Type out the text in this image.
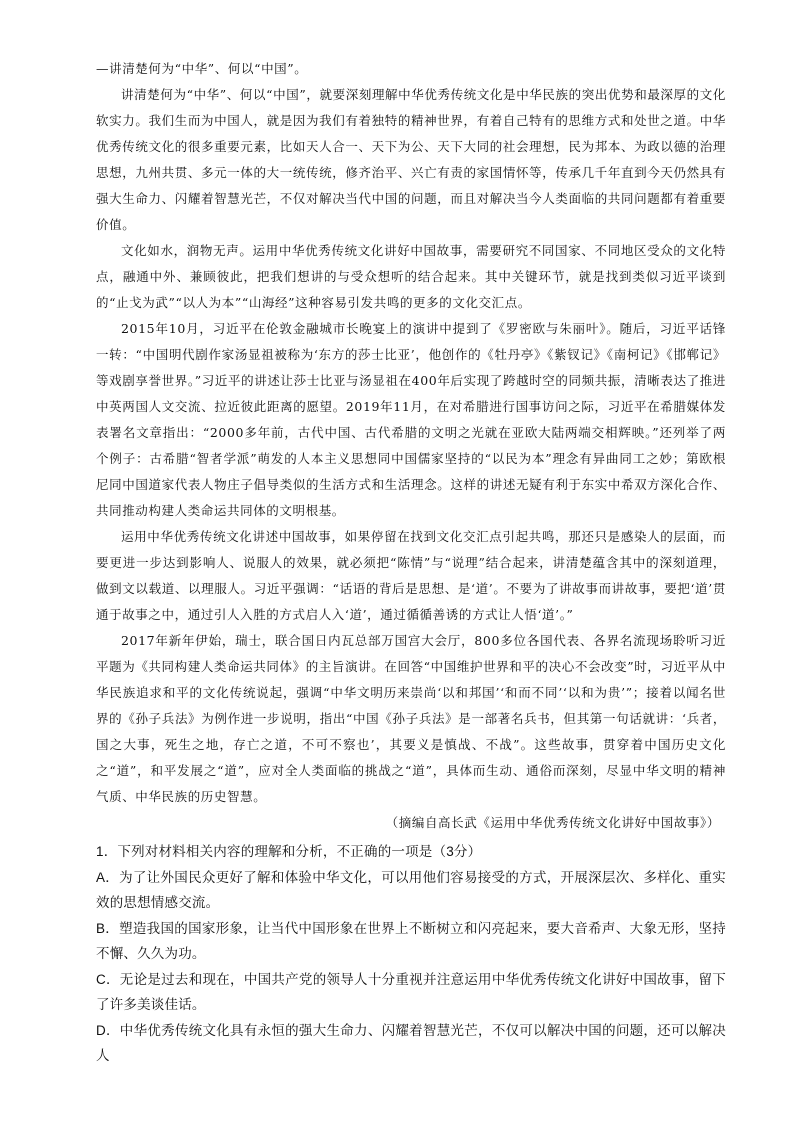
—讲清楚何为“中华”、何以“中国”。

讲清楚何为“中华”、何以“中国”，就要深刻理解中华优秀传统文化是中华民族的突出优势和最深厚的文化软实力。我们生而为中国人，就是因为我们有着独特的精神世界，有着自己特有的思维方式和处世之道。中华优秀传统文化的很多重要元素，比如天人合一、天下为公、天下大同的社会理想，民为邦本、为政以德的治理思想，九州共贯、多元一体的大一统传统，修齐治平、兴亡有责的家国情怀等，传承几千年直到今天仍然具有强大生命力、闪耀着智慧光芒，不仅对解决当代中国的问题，而且对解决当今人类面临的共同问题都有着重要价值。

文化如水，润物无声。运用中华优秀传统文化讲好中国故事，需要研究不同国家、不同地区受众的文化特点，融通中外、兼顾彼此，把我们想讲的与受众想听的结合起来。其中关键环节，就是找到类似习近平谈到的“止戈为武”“以人为本”“山海经”这种容易引发共鸣的更多的文化交汇点。

2015年10月，习近平在伦敦金融城市长晚宴上的演讲中提到了《罗密欧与朱丽叶》。随后，习近平话锋一转：“中国明代剧作家汤显祖被称为‘东方的莎士比亚’，他创作的《牡丹亭》《紫钗记》《南柯记》《邯郸记》等戏剧享誉世界。”习近平的讲述让莎士比亚与汤显祖在400年后实现了跨越时空的同频共振，清晰表达了推进中英两国人文交流、拉近彼此距离的愿望。2019年11月，在对希腊进行国事访问之际，习近平在希腊媒体发表署名文章指出：“2000多年前，古代中国、古代希腊的文明之光就在亚欧大陆两端交相辉映。”还列举了两个例子：古希腊“智者学派”萌发的人本主义思想同中国儒家坚持的“以民为本”理念有异曲同工之妙；第欧根尼同中国道家代表人物庄子倡导类似的生活方式和生活理念。这样的讲述无疑有利于东实中希双方深化合作、共同推动构建人类命运共同体的文明根基。

运用中华优秀传统文化讲述中国故事，如果停留在找到文化交汇点引起共鸣，那还只是感染人的层面，而要更进一步达到影响人、说服人的效果，就必须把“陈情”与“说理”结合起来，讲清楚蕴含其中的深刻道理，做到文以载道、以理服人。习近平强调：“话语的背后是思想、是‘道’。不要为了讲故事而讲故事，要把‘道’贯通于故事之中，通过引人入胜的方式启人入‘道’，通过循循善诱的方式让人悟‘道’。”

2017年新年伊始，瑞士，联合国日内瓦总部万国宫大会厅，800多位各国代表、各界名流现场聆听习近平题为《共同构建人类命运共同体》的主旨演讲。在回答“中国维护世界和平的决心不会改变”时，习近平从中华民族追求和平的文化传统说起，强调“中华文明历来崇尚‘以和邦国’‘和而不同’‘以和为贵’”；接着以闻名世界的《孙子兵法》为例作进一步说明，指出“中国《孙子兵法》是一部著名兵书，但其第一句话就讲：‘兵者，国之大事，死生之地，存亡之道，不可不察也’，其要义是慎战、不战”。这些故事，贯穿着中国历史文化之“道”，和平发展之“道”，应对全人类面临的挑战之“道”，具体而生动、通俗而深刻，尽显中华文明的精神气质、中华民族的历史智慧。

（摘编自高长武《运用中华优秀传统文化讲好中国故事》）

1．下列对材料相关内容的理解和分析，不正确的一项是（3分）

A．为了让外国民众更好了解和体验中华文化，可以用他们容易接受的方式，开展深层次、多样化、重实效的思想情感交流。

B．塑造我国的国家形象，让当代中国形象在世界上不断树立和闪亮起来，要大音希声、大象无形，坚持不懈、久久为功。

C．无论是过去和现在，中国共产党的领导人十分重视并注意运用中华优秀传统文化讲好中国故事，留下了许多美谈佳话。

D．中华优秀传统文化具有永恒的强大生命力、闪耀着智慧光芒，不仅可以解决中国的问题，还可以解决人
